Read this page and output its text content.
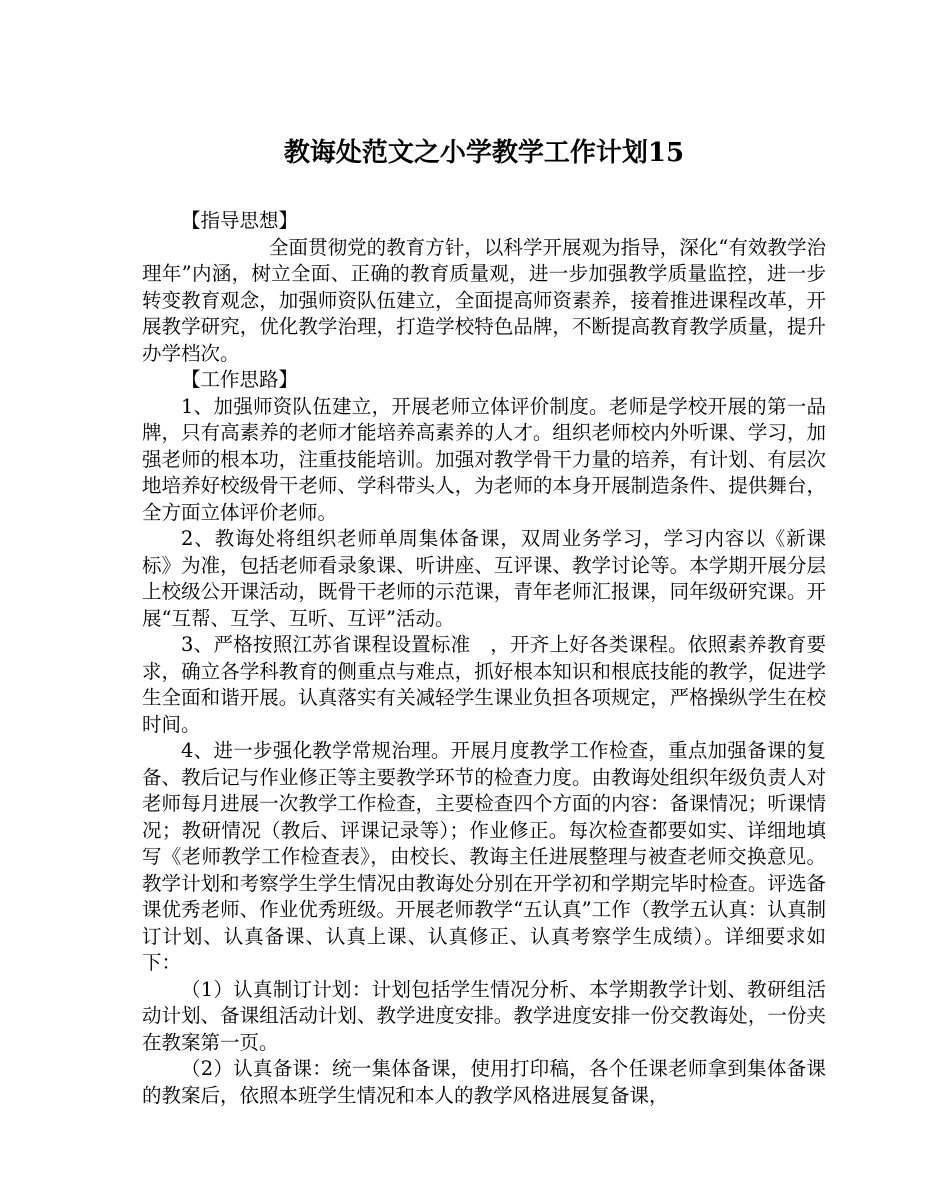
教诲处范文之小学教学工作计划15

【指导思想】

全面贯彻党的教育方针，以科学开展观为指导，深化“有效教学治理年”内涵，树立全面、正确的教育质量观，进一步加强教学质量监控，进一步转变教育观念，加强师资队伍建立，全面提高师资素养，接着推进课程改革，开展教学研究，优化教学治理，打造学校特色品牌，不断提高教育教学质量，提升办学档次。

【工作思路】

1、加强师资队伍建立，开展老师立体评价制度。老师是学校开展的第一品牌，只有高素养的老师才能培养高素养的人才。组织老师校内外听课、学习，加强老师的根本功，注重技能培训。加强对教学骨干力量的培养，有计划、有层次地培养好校级骨干老师、学科带头人，为老师的本身开展制造条件、提供舞台，全方面立体评价老师。

2、教诲处将组织老师单周集体备课，双周业务学习，学习内容以《新课标》为准，包括老师看录象课、听讲座、互评课、教学讨论等。本学期开展分层上校级公开课活动，既骨干老师的示范课，青年老师汇报课，同年级研究课。开展“互帮、互学、互听、互评”活动。

3、严格按照江苏省课程设置标准　，开齐上好各类课程。依照素养教育要求，确立各学科教育的侧重点与难点，抓好根本知识和根底技能的教学，促进学生全面和谐开展。认真落实有关减轻学生课业负担各项规定，严格操纵学生在校时间。

4、进一步强化教学常规治理。开展月度教学工作检查，重点加强备课的复备、教后记与作业修正等主要教学环节的检查力度。由教诲处组织年级负责人对老师每月进展一次教学工作检查，主要检查四个方面的内容：备课情况；听课情况；教研情况（教后、评课记录等）；作业修正。每次检查都要如实、详细地填写《老师教学工作检查表》，由校长、教诲主任进展整理与被查老师交换意见。教学计划和考察学生学生情况由教诲处分别在开学初和学期完毕时检查。评选备课优秀老师、作业优秀班级。开展老师教学“五认真”工作（教学五认真：认真制订计划、认真备课、认真上课、认真修正、认真考察学生成绩）。详细要求如下：

（1）认真制订计划：计划包括学生情况分析、本学期教学计划、教研组活动计划、备课组活动计划、教学进度安排。教学进度安排一份交教诲处，一份夹在教案第一页。

（2）认真备课：统一集体备课，使用打印稿，各个任课老师拿到集体备课的教案后，依照本班学生情况和本人的教学风格进展复备课，
